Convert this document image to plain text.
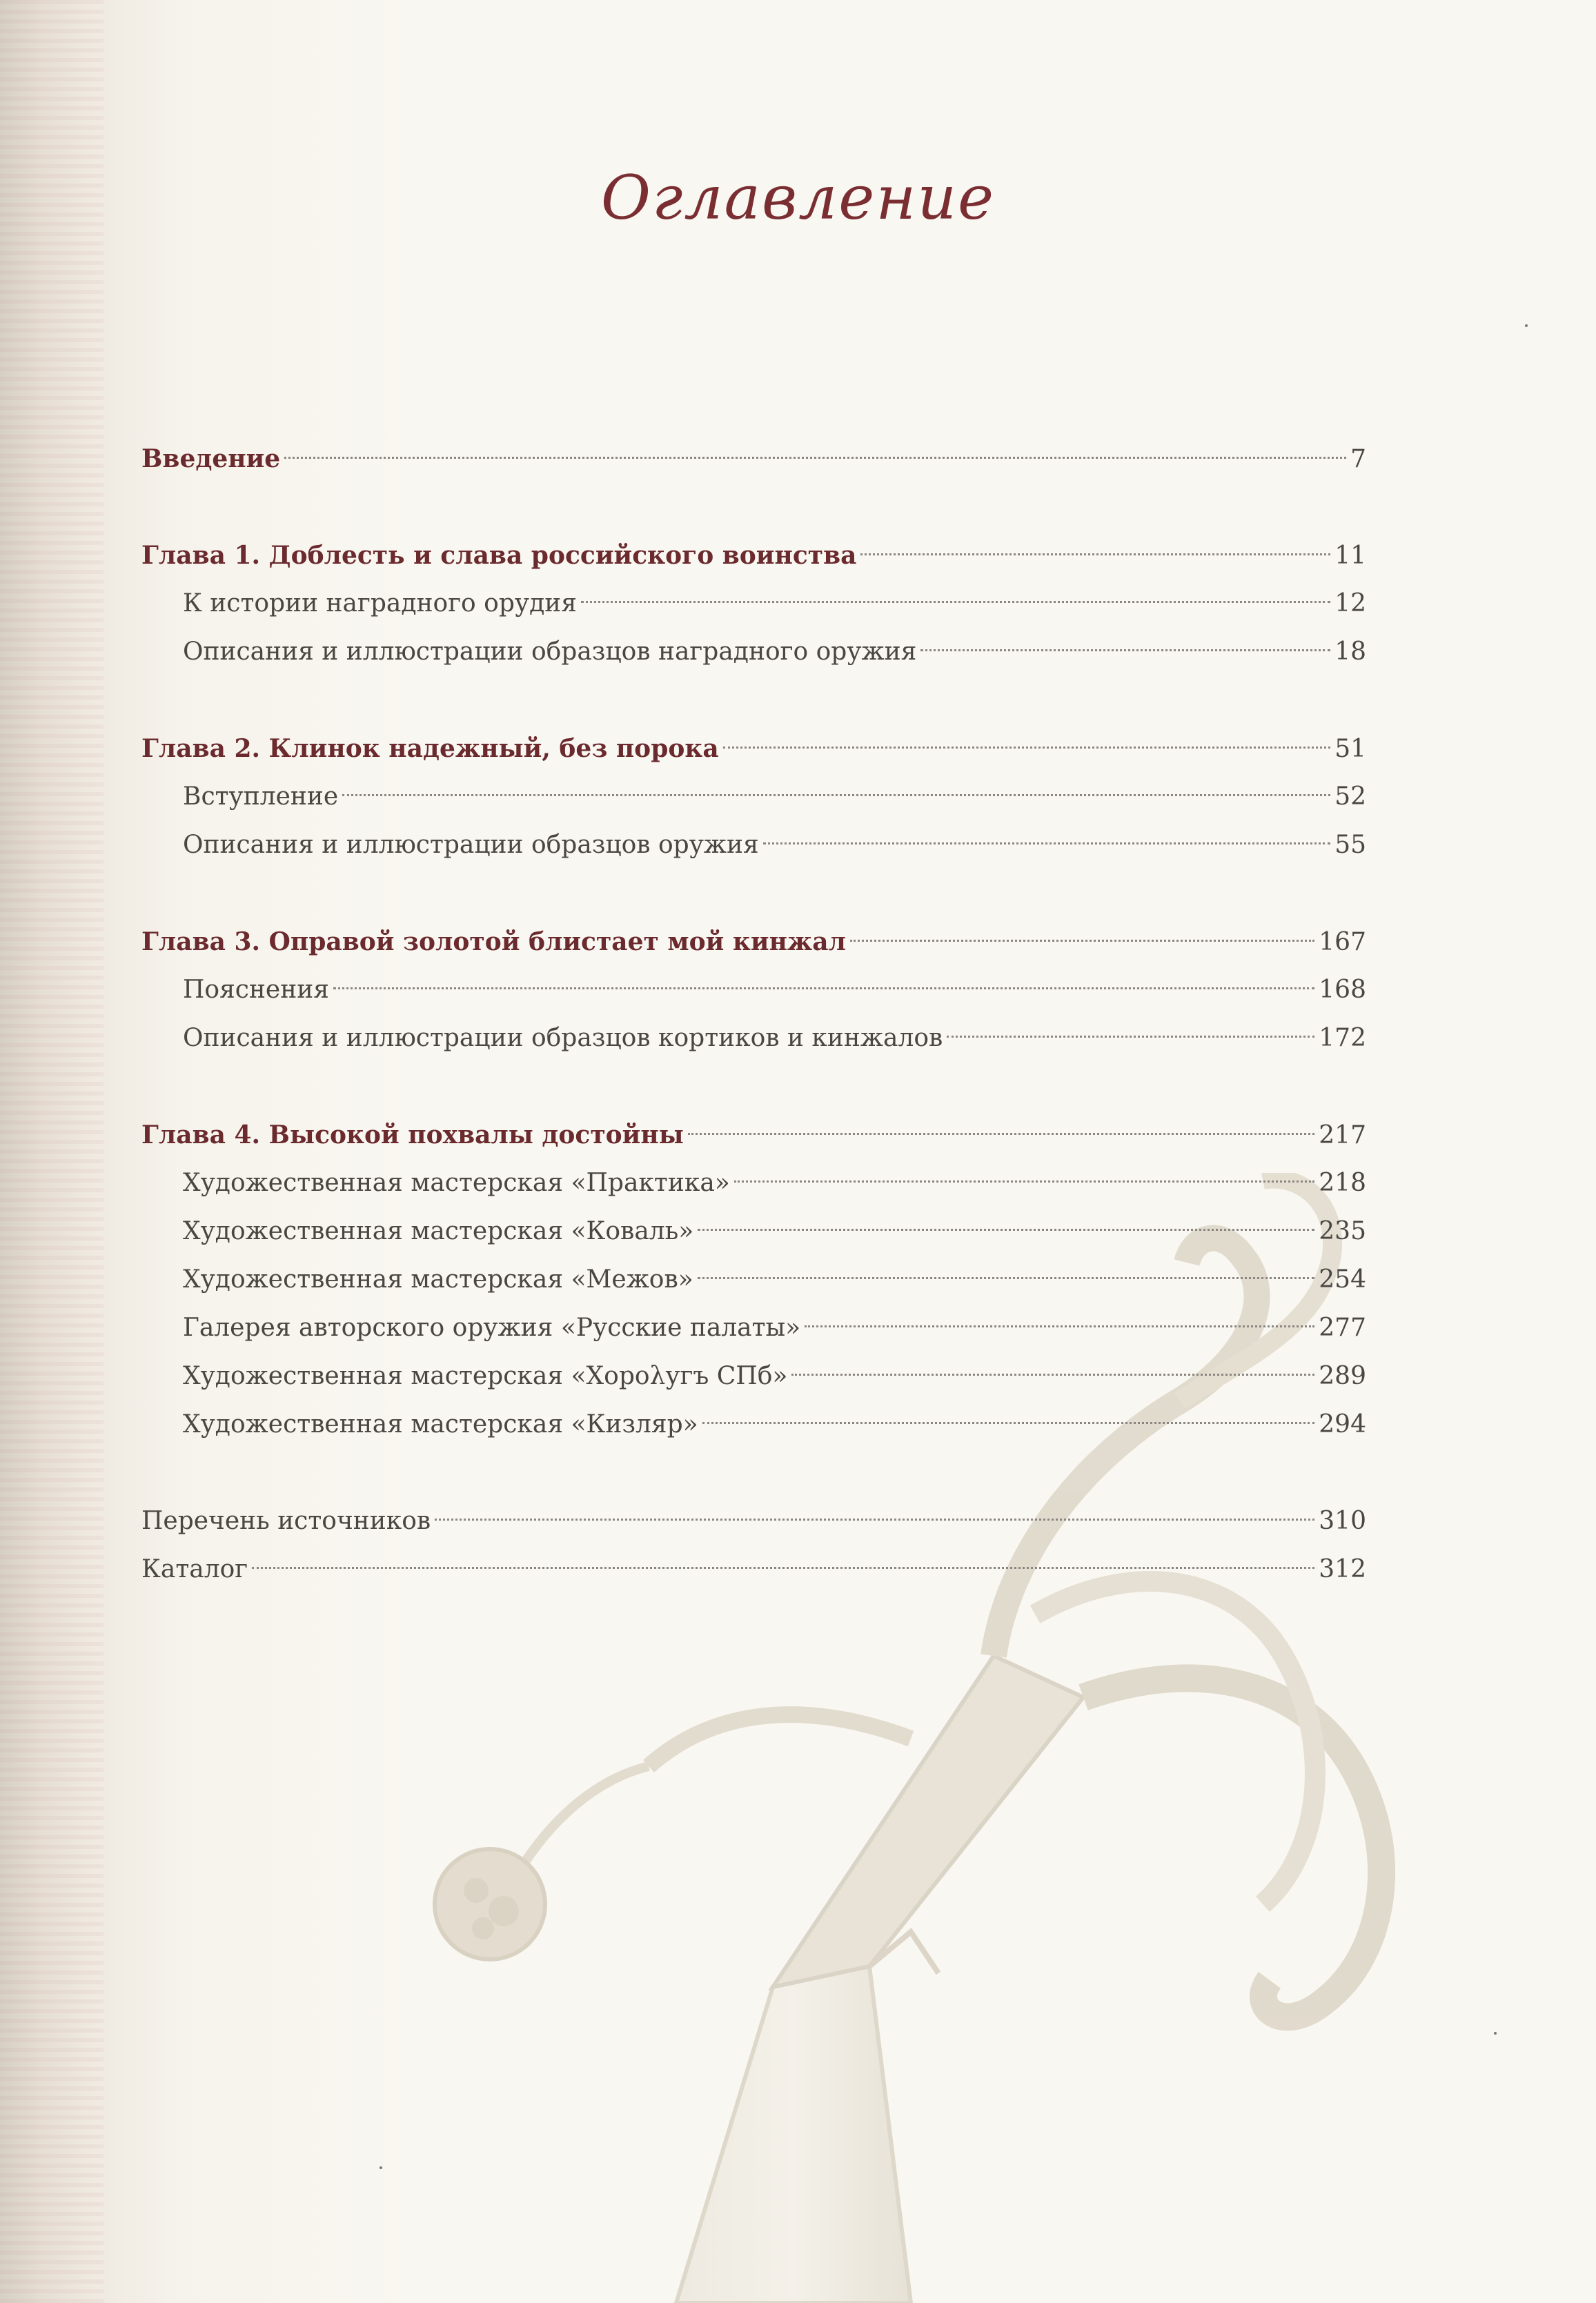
Оглавление
Введение	7
Глава 1. Доблесть и слава российского воинства	11
К истории наградного орудия	12
Описания и иллюстрации образцов наградного оружия	18
Глава 2. Клинок надежный, без порока	51
Вступление	52
Описания и иллюстрации образцов оружия	55
Глава 3. Оправой золотой блистает мой кинжал	167
Пояснения	168
Описания и иллюстрации образцов кортиков и кинжалов	172
Глава 4. Высокой похвалы достойны	217
Художественная мастерская «Практика»	218
Художественная мастерская «Коваль»	235
Художественная мастерская «Межов»	254
Галерея авторского оружия «Русские палаты»	277
Художественная мастерская «Хорολугъ СПб»	289
Художественная мастерская «Кизляр»	294
Перечень источников	310
Каталог	312
